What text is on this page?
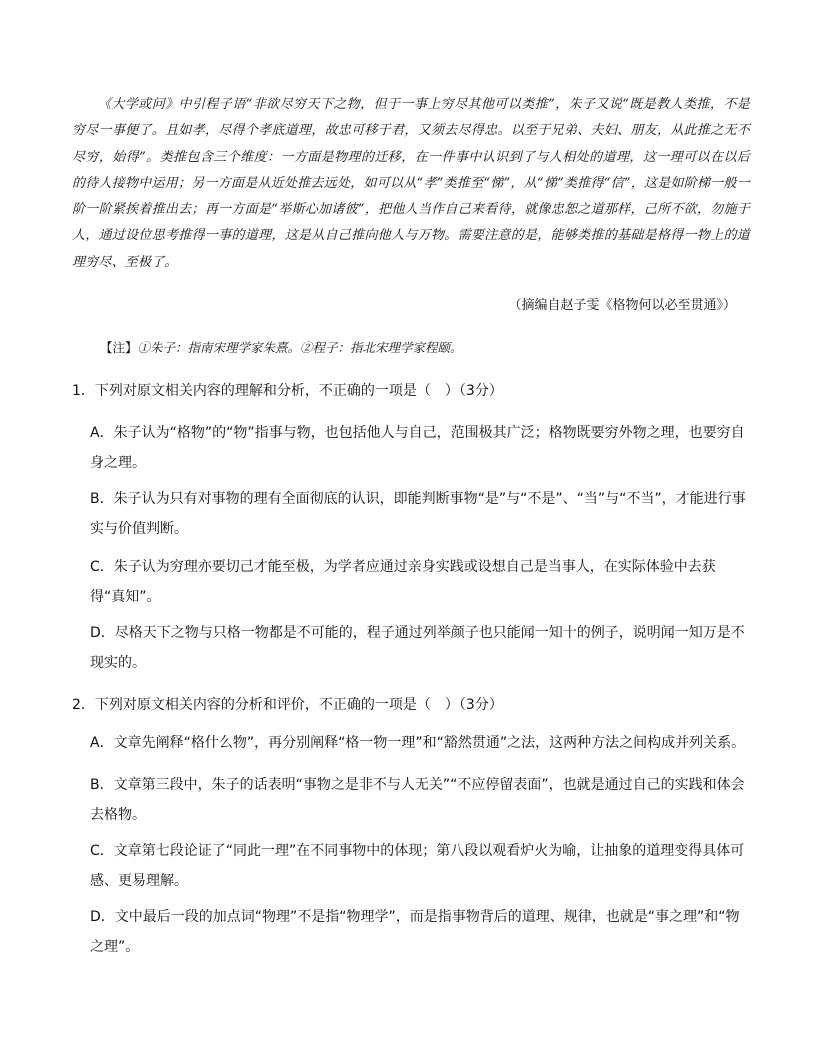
《大学或问》中引程子语“非欲尽穷天下之物，但于一事上穷尽其他可以类推”，朱子又说“既是教人类推，不是穷尽一事便了。且如孝，尽得个孝底道理，故忠可移于君，又须去尽得忠。以至于兄弟、夫妇、朋友，从此推之无不尽穷，始得”。类推包含三个维度：一方面是物理的迁移，在一件事中认识到了与人相处的道理，这一理可以在以后的待人接物中运用；另一方面是从近处推去远处，如可以从“孝”类推至“悌”，从“悌”类推得“信”，这是如阶梯一般一阶一阶紧挨着推出去；再一方面是“举斯心加诸彼”，把他人当作自己来看待，就像忠恕之道那样，己所不欲，勿施于人，通过设位思考推得一事的道理，这是从自己推向他人与万物。需要注意的是，能够类推的基础是格得一物上的道理穷尽、至极了。

（摘编自赵子雯《格物何以必至贯通》）
【注】①朱子：指南宋理学家朱熹。②程子：指北宋理学家程颐。
1．下列对原文相关内容的理解和分析，不正确的一项是（　）（3分）
A．朱子认为“格物”的“物”指事与物，也包括他人与自己，范围极其广泛；格物既要穷外物之理，也要穷自身之理。
B．朱子认为只有对事物的理有全面彻底的认识，即能判断事物“是”与“不是”、“当”与“不当”，才能进行事实与价值判断。
C．朱子认为穷理亦要切己才能至极，为学者应通过亲身实践或设想自己是当事人，在实际体验中去获得“真知”。
D．尽格天下之物与只格一物都是不可能的，程子通过列举颜子也只能闻一知十的例子，说明闻一知万是不现实的。
2．下列对原文相关内容的分析和评价，不正确的一项是（　）（3分）
A．文章先阐释“格什么物”，再分别阐释“格一物一理”和“豁然贯通”之法，这两种方法之间构成并列关系。
B．文章第三段中，朱子的话表明“事物之是非不与人无关”“不应停留表面”，也就是通过自己的实践和体会去格物。
C．文章第七段论证了“同此一理”在不同事物中的体现；第八段以观看炉火为喻，让抽象的道理变得具体可感、更易理解。
D．文中最后一段的加点词“物理”不是指“物理学”，而是指事物背后的道理、规律，也就是“事之理”和“物之理”。
